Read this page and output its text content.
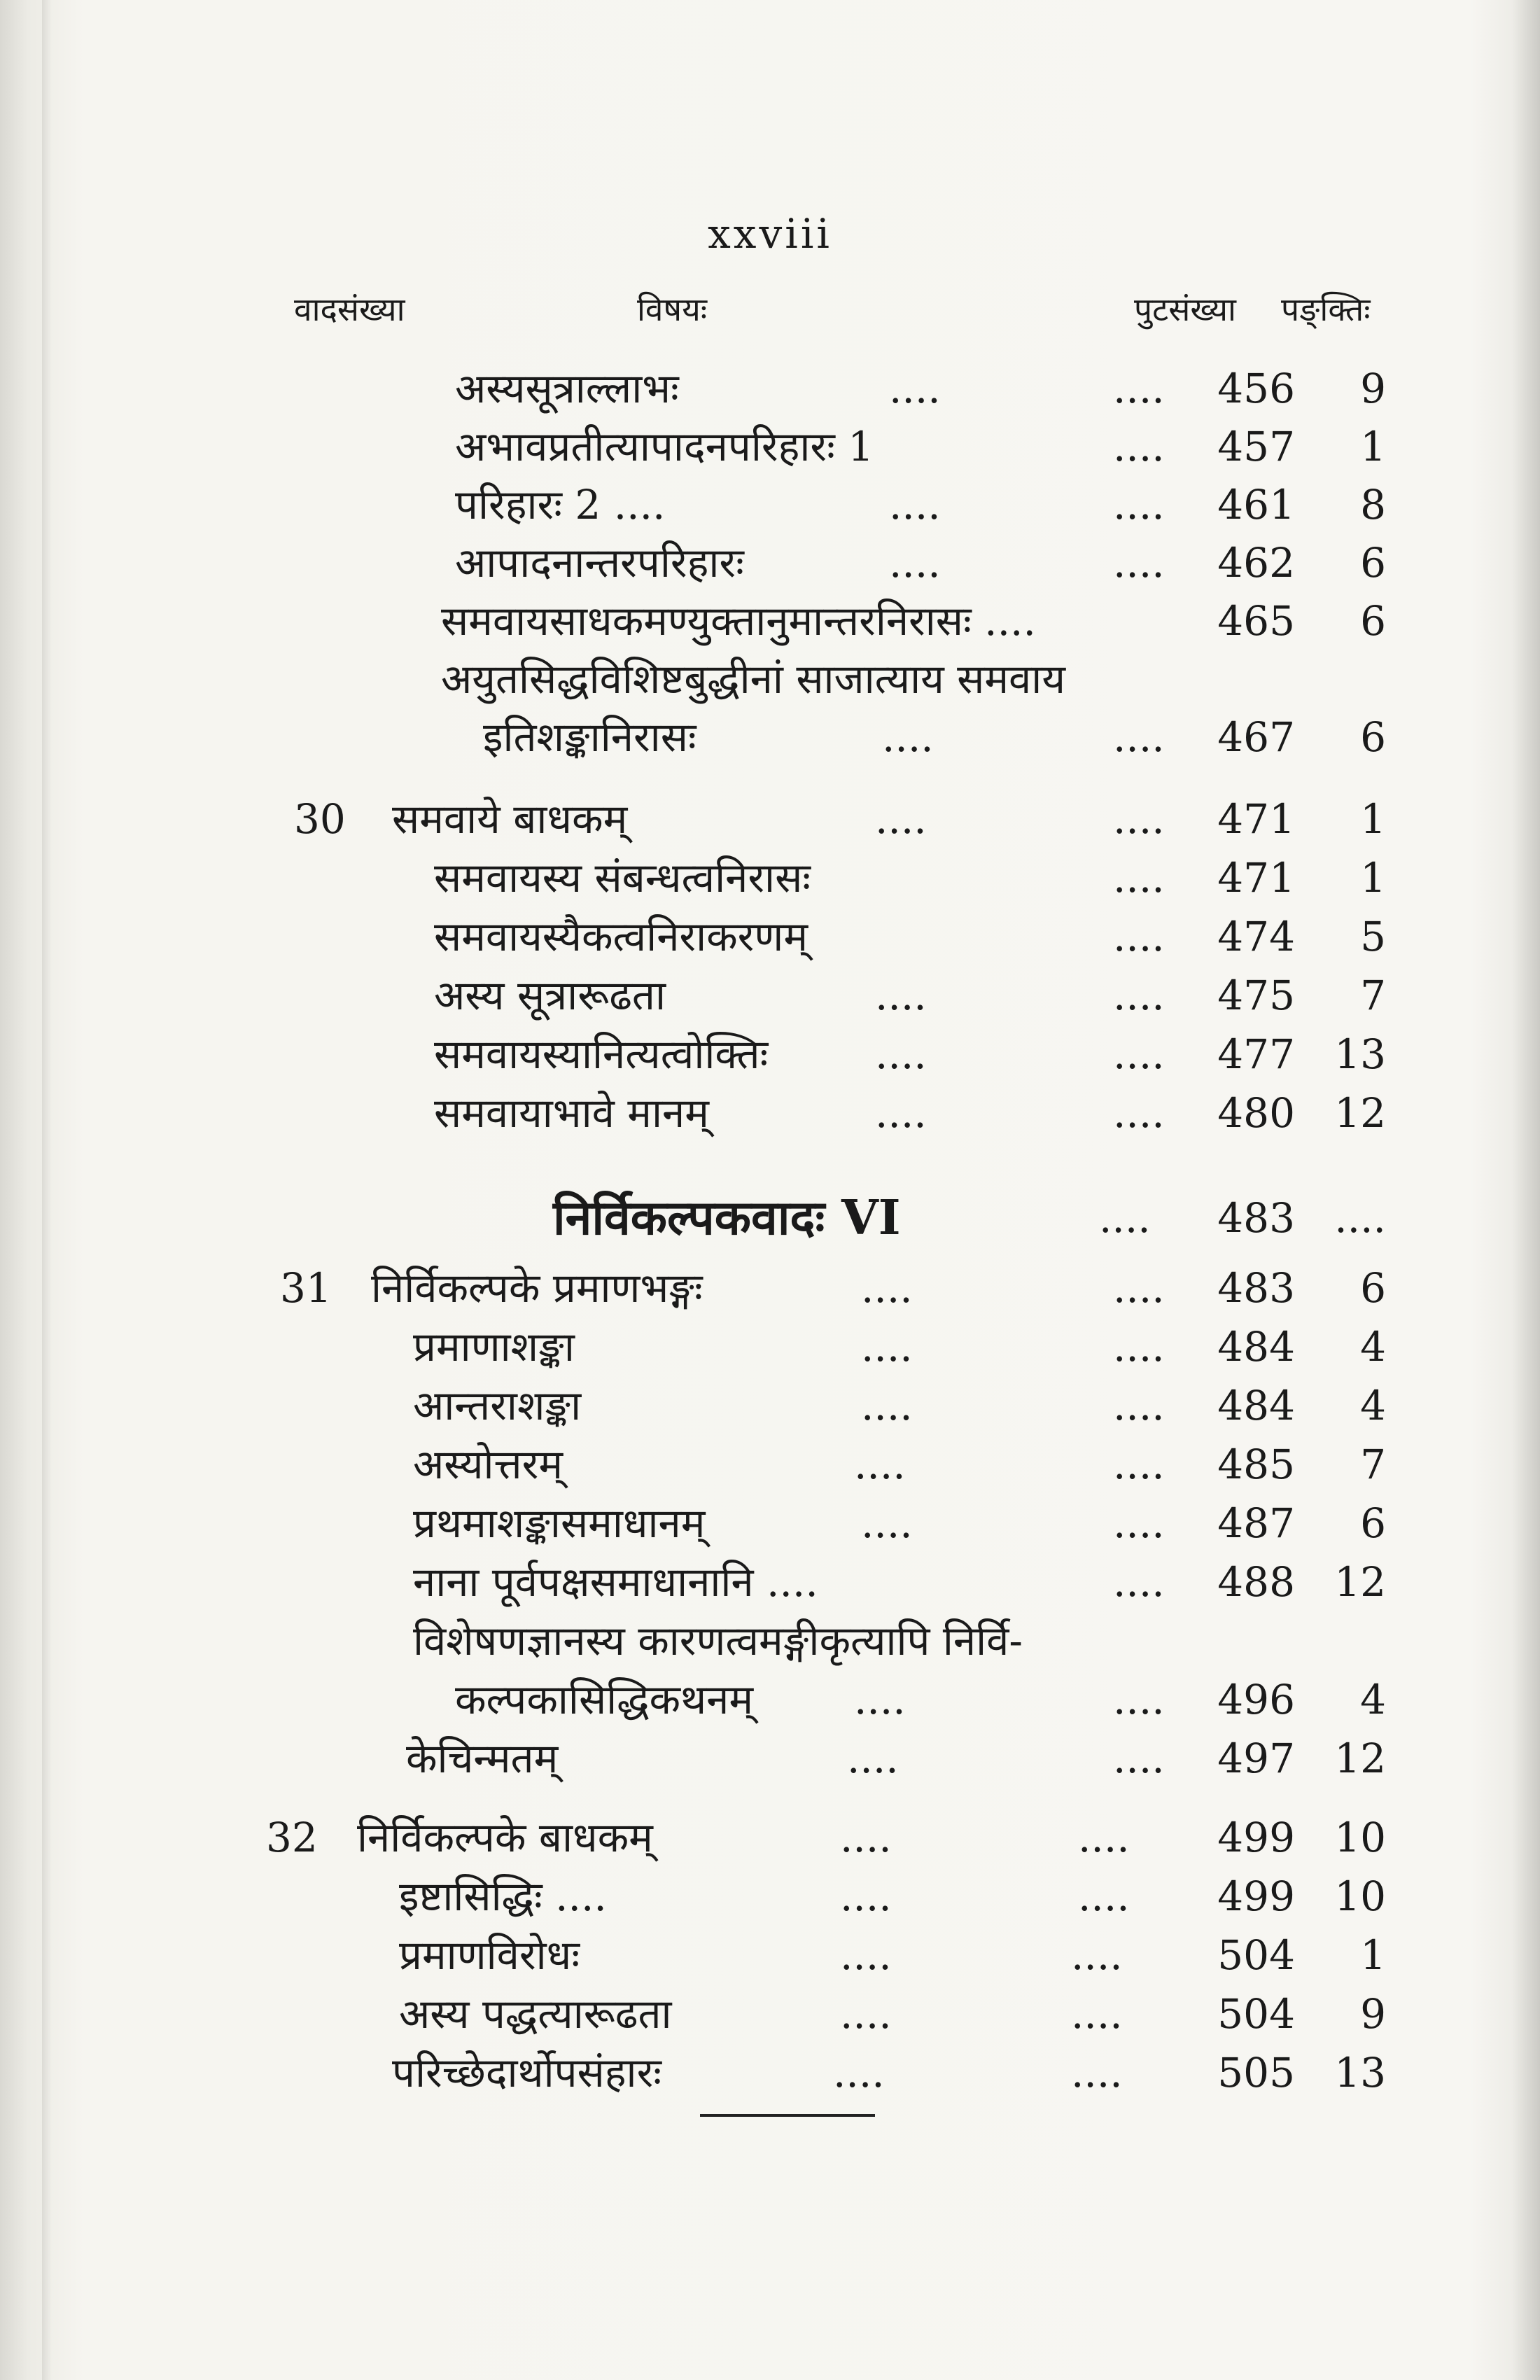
xxviii
वादसंख्या	विषयः	पुटसंख्या पङ्क्तिः
अस्यसूत्राल्लाभः	....	....	456	9
अभावप्रतीत्यापादनपरिहारः 1	....	457	1
परिहारः 2 ....	....	....	461	8
आपादनान्तरपरिहारः	....	....	462	6
समवायसाधकमण्युक्तानुमान्तरनिरासः ....	465	6
अयुतसिद्धविशिष्टबुद्धीनां साजात्याय समवाय
इतिशङ्कानिरासः	....	....	467	6
30 समवाये बाधकम्	....	....	471	1
समवायस्य संबन्धत्वनिरासः	....	471	1
समवायस्यैकत्वनिराकरणम्	....	474	5
अस्य सूत्रारूढता	....	....	475	7
समवायस्यानित्यत्वोक्तिः	....	....	477 13
समवायाभावे मानम्	....	....	480 12
निर्विकल्पकवादः VI	....	483 ....
31 निर्विकल्पके प्रमाणभङ्गः	....	....	483	6
प्रमाणाशङ्का	....	....	484	4
आन्तराशङ्का	....	....	484	4
अस्योत्तरम्	....	....	485	7
प्रथमाशङ्कासमाधानम्	....	....	487	6
नाना पूर्वपक्षसमाधानानि ....	....	488 12
विशेषणज्ञानस्य कारणत्वमङ्गीकृत्यापि निर्वि-
कल्पकासिद्धिकथनम् ....	....	496	4
केचिन्मतम्	....	....	497 12
32 निर्विकल्पके बाधकम्	....	....	499 10
इष्टासिद्धिः ....	....	....	499 10
प्रमाणविरोधः	....	....	504	1
अस्य पद्धत्यारूढता	....	....	504	9
परिच्छेदार्थोपसंहारः	....	....	505 13
